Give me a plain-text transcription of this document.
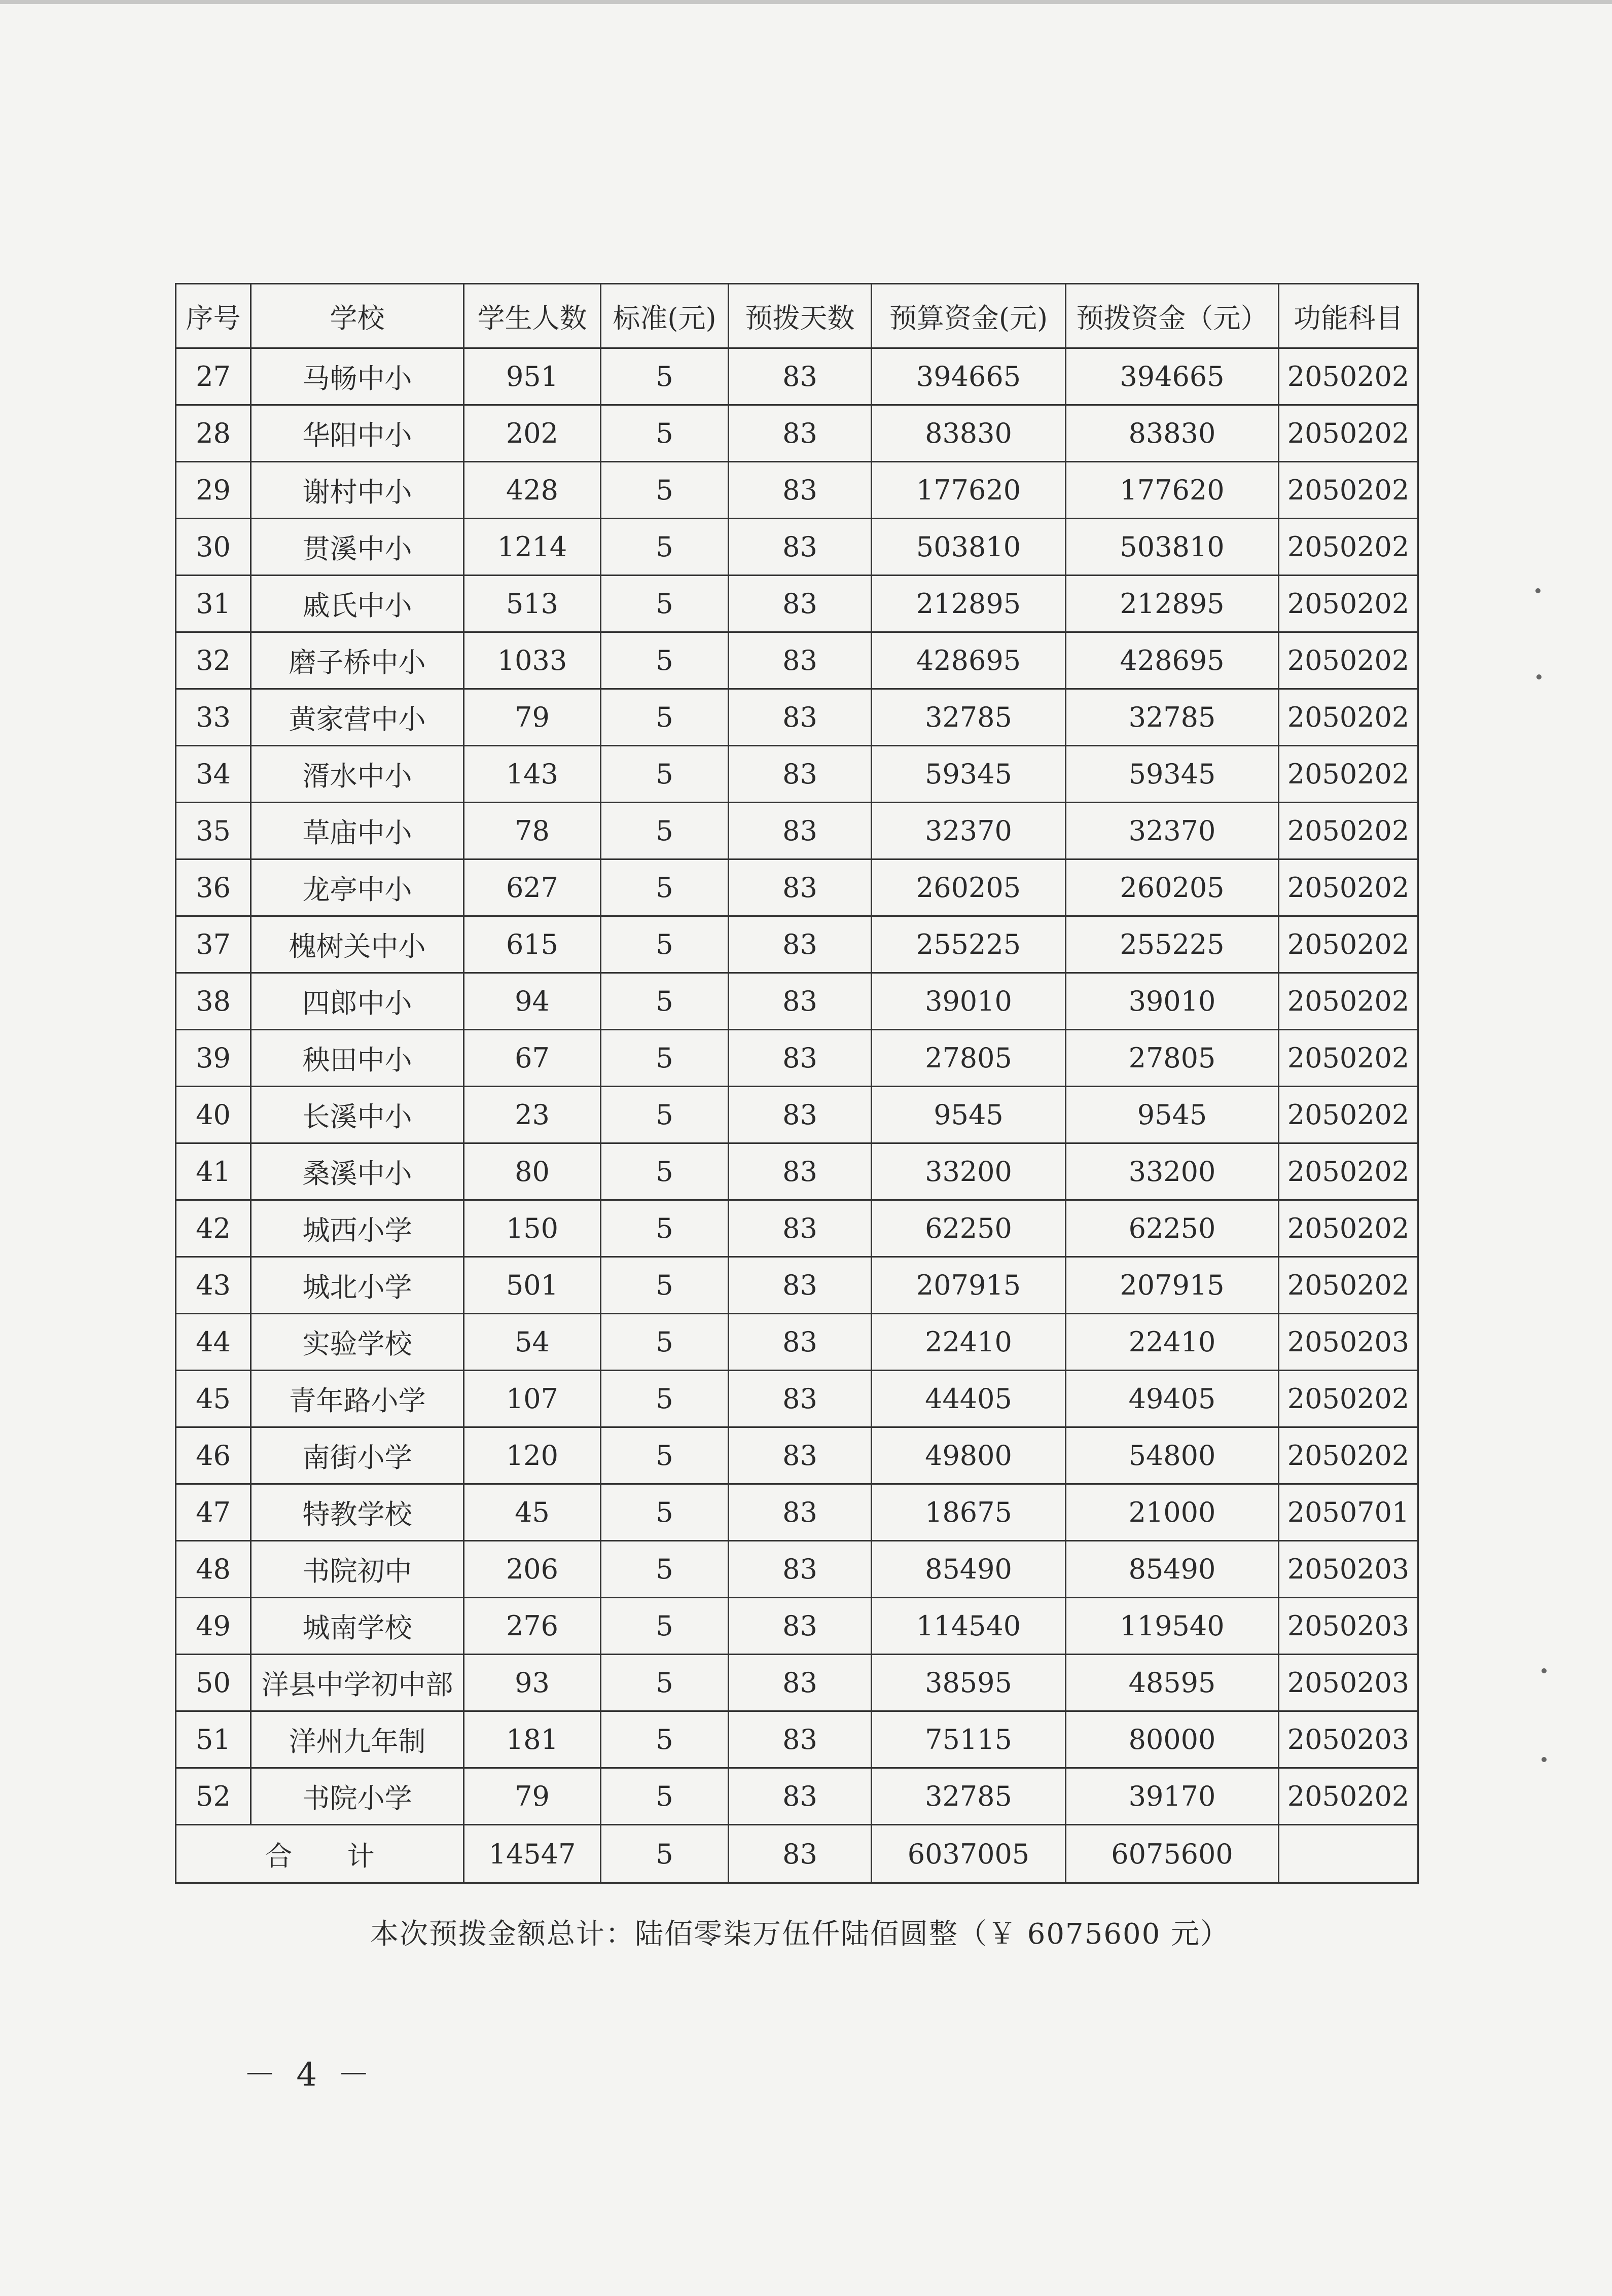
序号	学校	学生人数	标准(元)	预拨天数	预算资金(元)	预拨资金（元）	功能科目
27	马畅中小	951	5	83	394665	394665	2050202
28	华阳中小	202	5	83	83830	83830	2050202
29	谢村中小	428	5	83	177620	177620	2050202
30	贯溪中小	1214	5	83	503810	503810	2050202
31	戚氏中小	513	5	83	212895	212895	2050202
32	磨子桥中小	1033	5	83	428695	428695	2050202
33	黄家营中小	79	5	83	32785	32785	2050202
34	湑水中小	143	5	83	59345	59345	2050202
35	草庙中小	78	5	83	32370	32370	2050202
36	龙亭中小	627	5	83	260205	260205	2050202
37	槐树关中小	615	5	83	255225	255225	2050202
38	四郎中小	94	5	83	39010	39010	2050202
39	秧田中小	67	5	83	27805	27805	2050202
40	长溪中小	23	5	83	9545	9545	2050202
41	桑溪中小	80	5	83	33200	33200	2050202
42	城西小学	150	5	83	62250	62250	2050202
43	城北小学	501	5	83	207915	207915	2050202
44	实验学校	54	5	83	22410	22410	2050203
45	青年路小学	107	5	83	44405	49405	2050202
46	南街小学	120	5	83	49800	54800	2050202
47	特教学校	45	5	83	18675	21000	2050701
48	书院初中	206	5	83	85490	85490	2050203
49	城南学校	276	5	83	114540	119540	2050203
50	洋县中学初中部	93	5	83	38595	48595	2050203
51	洋州九年制	181	5	83	75115	80000	2050203
52	书院小学	79	5	83	32785	39170	2050202
合　　计		14547	5	83	6037005	6075600	
本次预拨金额总计：陆佰零柒万伍仟陆佰圆整（￥ 6075600 元）
－ 4 －
